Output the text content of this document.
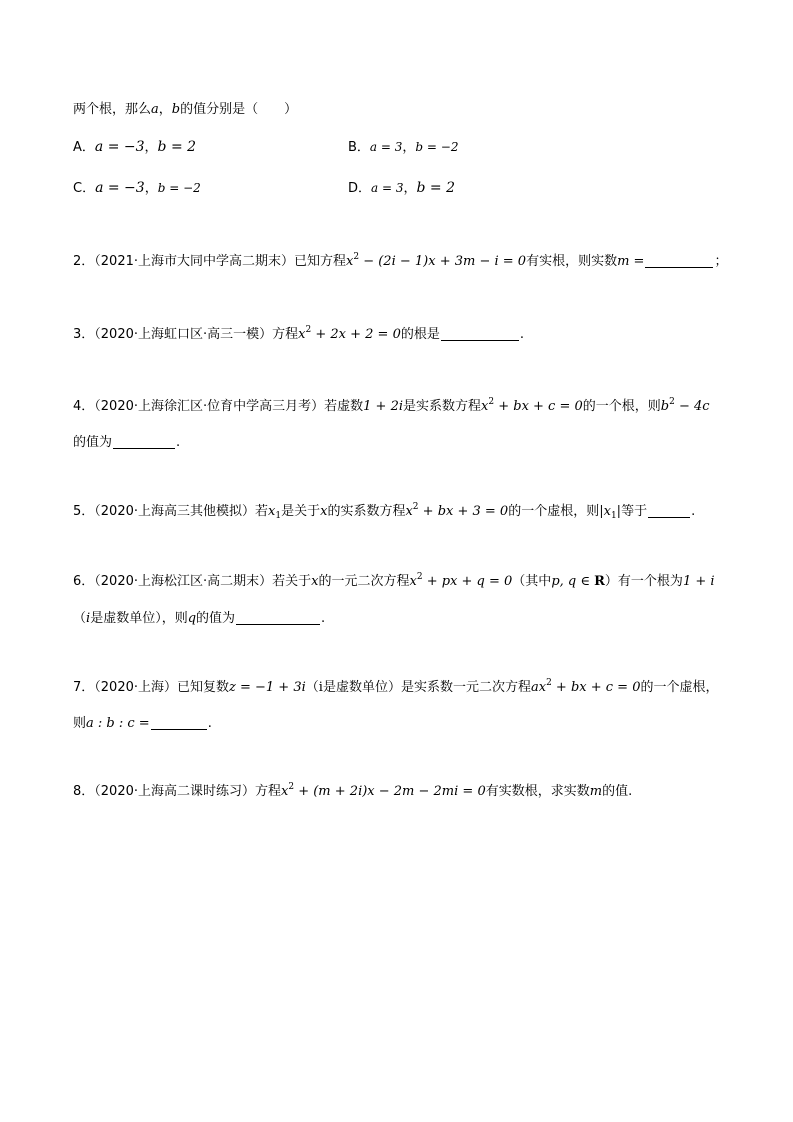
两个根，那么a，b的值分别是（　　）
A．a = −3，b = 2	B．a = 3，b = −2
C．a = −3，b = −2	D．a = 3，b = 2
2．（2021·上海市大同中学高二期末）已知方程$x^2 - (2i - 1)x + 3m - i = 0$有实根，则实数m =	；
3．（2020·上海虹口区·高三一模）方程$x^2 + 2x + 2 = 0$的根是	.
4．（2020·上海徐汇区·位育中学高三月考）若虚数1 + 2i是实系数方程$x^2$ + bx + c = 0的一个根，则$b^2 - 4c$
的值为	.
5．（2020·上海高三其他模拟）若$x_1$是关于x的实系数方程$x^2$ + bx + 3 = 0的一个虚根，则$|x_1|$等于	.
6．（2020·上海松江区·高二期末）若关于x的一元二次方程$x^2$ + px + q = 0（其中p, q ∈ R）有一个根为1 + i
（i是虚数单位），则q的值为	.
7．（2020·上海）已知复数z = −1 + 3i（i是虚数单位）是实系数一元二次方程$ax^2$ + bx + c = 0的一个虚根，
则a : b : c =	.
8．（2020·上海高二课时练习）方程$x^2 + (m + 2i)x - 2m - 2mi = 0$有实数根，求实数m的值.
